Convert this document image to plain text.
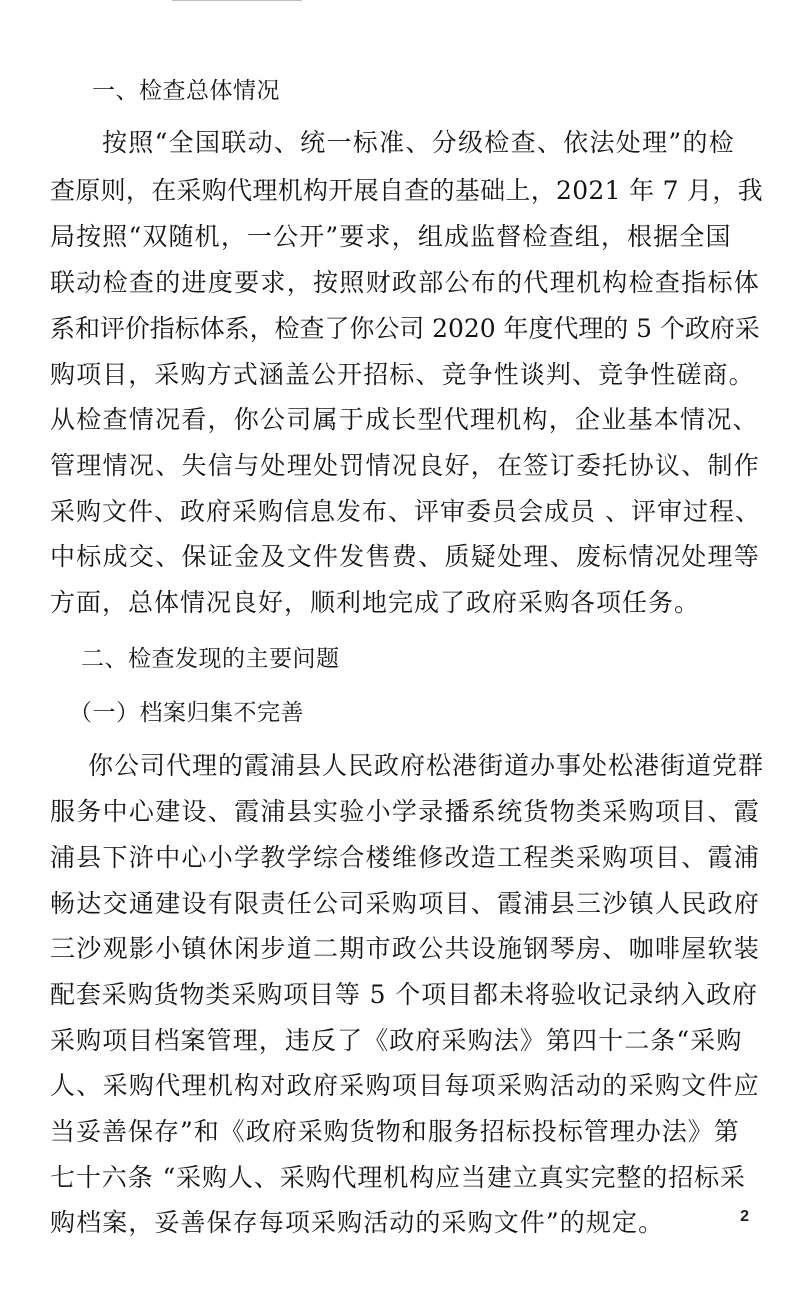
一、检查总体情况
按照“全国联动、统一标准、分级检查、依法处理”的检
查原则，在采购代理机构开展自查的基础上，2021 年 7 月，我
局按照“双随机，一公开”要求，组成监督检查组，根据全国
联动检查的进度要求，按照财政部公布的代理机构检查指标体
系和评价指标体系，检查了你公司 2020 年度代理的 5 个政府采
购项目，采购方式涵盖公开招标、竞争性谈判、竞争性磋商。
从检查情况看，你公司属于成长型代理机构，企业基本情况、
管理情况、失信与处理处罚情况良好，在签订委托协议、制作
采购文件、政府采购信息发布、评审委员会成员 、评审过程、
中标成交、保证金及文件发售费、质疑处理、废标情况处理等
方面，总体情况良好，顺利地完成了政府采购各项任务。
二、检查发现的主要问题
（一）档案归集不完善
你公司代理的霞浦县人民政府松港街道办事处松港街道党群
服务中心建设、霞浦县实验小学录播系统货物类采购项目、霞
浦县下浒中心小学教学综合楼维修改造工程类采购项目、霞浦
畅达交通建设有限责任公司采购项目、霞浦县三沙镇人民政府
三沙观影小镇休闲步道二期市政公共设施钢琴房、咖啡屋软装
配套采购货物类采购项目等 5 个项目都未将验收记录纳入政府
采购项目档案管理，违反了《政府采购法》第四十二条“采购
人、采购代理机构对政府采购项目每项采购活动的采购文件应
当妥善保存”和《政府采购货物和服务招标投标管理办法》第
七十六条 “采购人、采购代理机构应当建立真实完整的招标采
购档案，妥善保存每项采购活动的采购文件”的规定。	2
